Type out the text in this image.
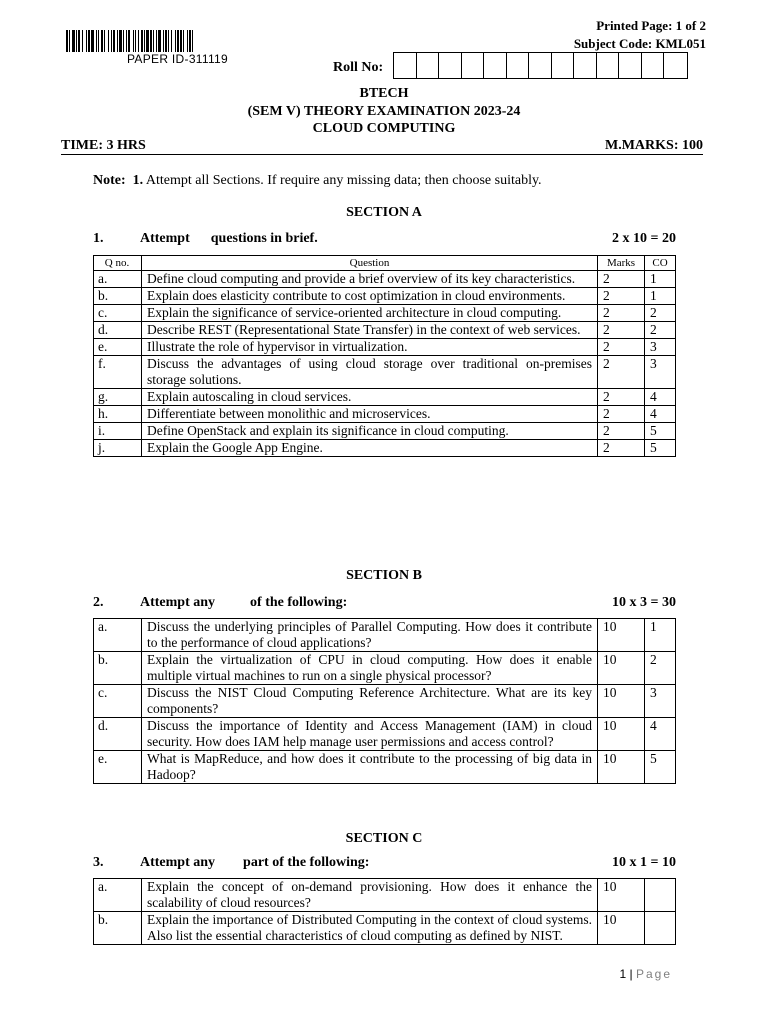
PAPER ID-311119
Printed Page: 1 of 2
Subject Code: KML051
Roll No:
BTECH
(SEM V) THEORY EXAMINATION 2023-24
CLOUD COMPUTING
TIME: 3 HRS	M.MARKS: 100
Note: 1. Attempt all Sections. If require any missing data; then choose suitably.
SECTION A
1.	Attempt      questions in brief.	2 x 10 = 20
Q no.	Question	Marks	CO
a.	Define cloud computing and provide a brief overview of its key characteristics.	2	1
b.	Explain does elasticity contribute to cost optimization in cloud environments.	2	1
c.	Explain the significance of service-oriented architecture in cloud computing.	2	2
d.	Describe REST (Representational State Transfer) in the context of web services.	2	2
e.	Illustrate the role of hypervisor in virtualization.	2	3
f.	Discuss the advantages of using cloud storage over traditional on-premises storage solutions.	2	3
g.	Explain autoscaling in cloud services.	2	4
h.	Differentiate between monolithic and microservices.	2	4
i.	Define OpenStack and explain its significance in cloud computing.	2	5
j.	Explain the Google App Engine.	2	5
SECTION B
2.	Attempt any          of the following:	10 x 3 = 30
a.	Discuss the underlying principles of Parallel Computing. How does it contribute to the performance of cloud applications?	10	1
b.	Explain the virtualization of CPU in cloud computing. How does it enable multiple virtual machines to run on a single physical processor?	10	2
c.	Discuss the NIST Cloud Computing Reference Architecture. What are its key components?	10	3
d.	Discuss the importance of Identity and Access Management (IAM) in cloud security. How does IAM help manage user permissions and access control?	10	4
e.	What is MapReduce, and how does it contribute to the processing of big data in Hadoop?	10	5
SECTION C
3.	Attempt any        part of the following:	10 x 1 = 10
a.	Explain the concept of on-demand provisioning. How does it enhance the scalability of cloud resources?	10	
b.	Explain the importance of Distributed Computing in the context of cloud systems. Also list the essential characteristics of cloud computing as defined by NIST.	10	
1 | Page
